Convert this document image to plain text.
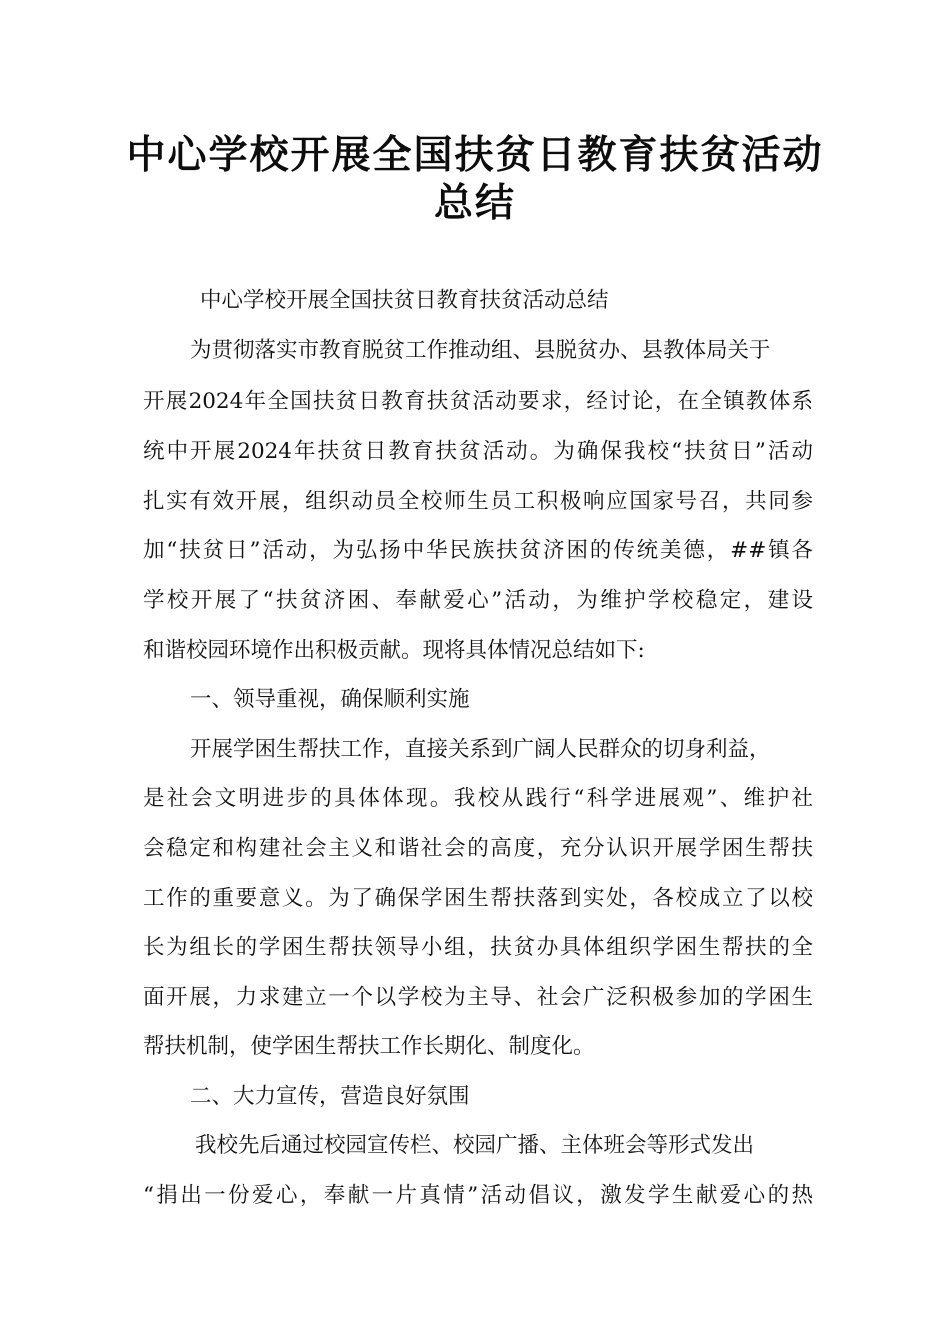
中心学校开展全国扶贫日教育扶贫活动
总结
中心学校开展全国扶贫日教育扶贫活动总结
为贯彻落实市教育脱贫工作推动组、县脱贫办、县教体局关于
开展2024年全国扶贫日教育扶贫活动要求，经讨论，在全镇教体系
统中开展2024年扶贫日教育扶贫活动。为确保我校“扶贫日”活动
扎实有效开展，组织动员全校师生员工积极响应国家号召，共同参
加“扶贫日”活动，为弘扬中华民族扶贫济困的传统美德，##镇各
学校开展了“扶贫济困、奉献爱心”活动，为维护学校稳定，建设
和谐校园环境作出积极贡献。现将具体情况总结如下:
一、领导重视，确保顺利实施
开展学困生帮扶工作，直接关系到广阔人民群众的切身利益，
是社会文明进步的具体体现。我校从践行“科学进展观”、维护社
会稳定和构建社会主义和谐社会的高度，充分认识开展学困生帮扶
工作的重要意义。为了确保学困生帮扶落到实处，各校成立了以校
长为组长的学困生帮扶领导小组，扶贫办具体组织学困生帮扶的全
面开展，力求建立一个以学校为主导、社会广泛积极参加的学困生
帮扶机制，使学困生帮扶工作长期化、制度化。
二、大力宣传，营造良好氛围
我校先后通过校园宣传栏、校园广播、主体班会等形式发出
“捐出一份爱心，奉献一片真情”活动倡议，激发学生献爱心的热
